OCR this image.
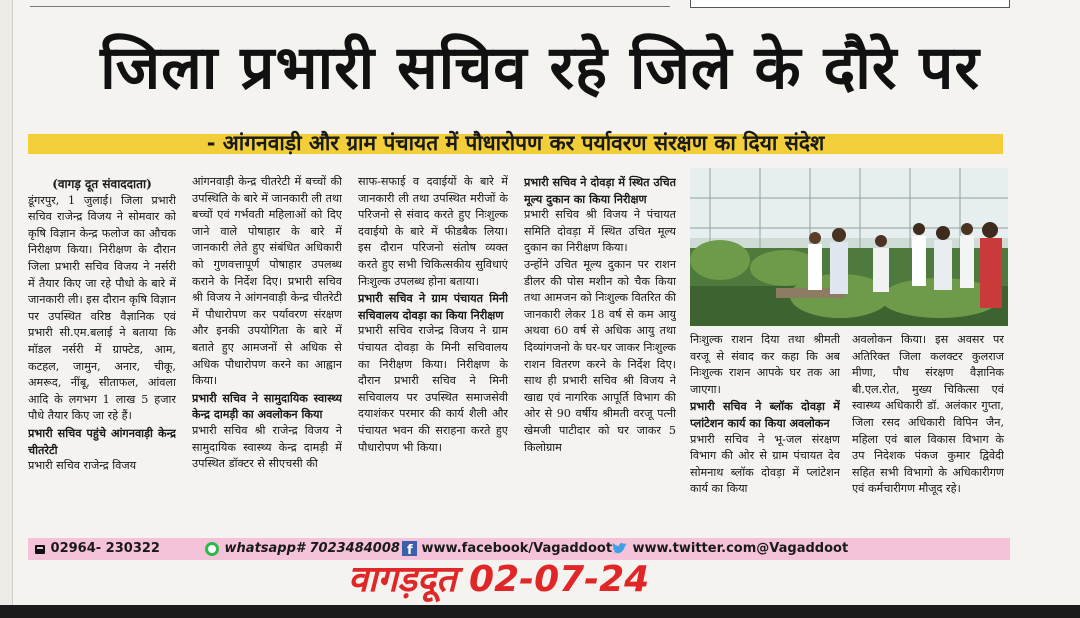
जिला प्रभारी सचिव रहे जिले के दौरे पर
- आंगनवाड़ी और ग्राम पंचायत में पौधारोपण कर पर्यावरण संरक्षण का दिया संदेश

(वागड़ दूत संवाददाता)

डूंगरपुर, 1 जुलाई। जिला प्रभारी सचिव राजेन्द्र विजय ने सोमवार को कृषि विज्ञान केन्द्र फलोज का औचक निरीक्षण किया। निरीक्षण के दौरान जिला प्रभारी सचिव विजय ने नर्सरी में तैयार किए जा रहे पौधो के बारे में जानकारी ली। इस दौरान कृषि विज्ञान पर उपस्थित वरिष्ठ वैज्ञानिक एवं प्रभारी सी.एम.बलाई ने बताया कि मॉडल नर्सरी में ग्राफ्टेड, आम, कटहल, जामुन, अनार, चीकू, अमरूद, नींबू, सीताफल, आंवला आदि के लगभग 1 लाख 5 हजार पौधे तैयार किए जा रहे हैं।

प्रभारी सचिव पहुंचे आंगनवाड़ी केन्द्र चीतरेटी

प्रभारी सचिव राजेन्द्र विजय

आंगनवाड़ी केन्द्र चीतरेटी में बच्चों की उपस्थिति के बारे में जानकारी ली तथा बच्चों एवं गर्भवती महिलाओं को दिए जाने वाले पोषाहार के बारे में जानकारी लेते हुए संबंधित अधिकारी को गुणवत्तापूर्ण पोषाहार उपलब्ध कराने के निर्देश दिए। प्रभारी सचिव श्री विजय ने आंगनवाड़ी केन्द्र चीतरेटी में पौधारोपण कर पर्यावरण संरक्षण और इनकी उपयोगिता के बारे में बताते हुए आमजनों से अधिक से अधिक पौधारोपण करने का आह्वान किया।

प्रभारी सचिव ने सामुदायिक स्वास्थ्य केन्द्र दामड़ी का अवलोकन किया

प्रभारी सचिव श्री राजेन्द्र विजय ने सामुदायिक स्वास्थ्य केन्द्र दामड़ी में उपस्थित डॉक्टर से सीएचसी की

साफ-सफाई व दवाईयों के बारे में जानकारी ली तथा उपस्थित मरीजों के परिजनो से संवाद करते हुए निःशुल्क दवाईयो के बारे में फीडबैक लिया। इस दौरान परिजनो संतोष व्यक्त करते हुए सभी चिकित्सकीय सुविधाएं निःशुल्क उपलब्ध होना बताया।

प्रभारी सचिव ने ग्राम पंचायत मिनी सचिवालय दोवड़ा का किया निरीक्षण

प्रभारी सचिव राजेन्द्र विजय ने ग्राम पंचायत दोवड़ा के मिनी सचिवालय का निरीक्षण किया। निरीक्षण के दौरान प्रभारी सचिव ने मिनी सचिवालय पर उपस्थित समाजसेवी दयाशंकर परमार की कार्य शैली और पंचायत भवन की सराहना करते हुए पौधारोपण भी किया।

प्रभारी सचिव ने दोवड़ा में स्थित उचित मूल्य दुकान का किया निरीक्षण

प्रभारी सचिव श्री विजय ने पंचायत समिति दोवड़ा में स्थित उचित मूल्य दुकान का निरीक्षण किया।

उन्होंने उचित मूल्य दुकान पर राशन डीलर की पोस मशीन को चैक किया तथा आमजन को निःशुल्क वितरित की जानकारी लेकर 18 वर्ष से कम आयु अथवा 60 वर्ष से अधिक आयु तथा दिव्यांगजनो के घर-घर जाकर निःशुल्क राशन वितरण करने के निर्देश दिए। साथ ही प्रभारी सचिव श्री विजय ने खाद्य एवं नागरिक आपूर्ति विभाग की ओर से 90 वर्षीय श्रीमती वरजू पत्नी खेमजी पाटीदार को घर जाकर 5 किलोग्राम

निःशुल्क राशन दिया तथा श्रीमती वरजू से संवाद कर कहा कि अब निःशुल्क राशन आपके घर तक आ जाएगा।

प्रभारी सचिव ने ब्लॉक दोवड़ा में प्लांटेशन कार्य का किया अवलोकन

प्रभारी सचिव ने भू-जल संरक्षण विभाग की ओर से ग्राम पंचायत देव सोमनाथ ब्लॉक दोवड़ा में प्लांटेशन कार्य का किया

अवलोकन किया। इस अवसर पर अतिरिक्त जिला कलक्टर कुलराज मीणा, पौध संरक्षण वैज्ञानिक बी.एल.रोत, मुख्य चिकित्सा एवं स्वास्थ्य अधिकारी डॉ. अलंकार गुप्ता, जिला रसद अधिकारी विपिन जैन, महिला एवं बाल विकास विभाग के उप निदेशक पंकज कुमार द्विवेदी सहित सभी विभागो के अधिकारीगण एवं कर्मचारीगण मौजूद रहे।

02964- 230322	whatsapp# 7023484008 f www.facebook/Vagaddoot	www.twitter.com@Vagaddoot
वागड़दूत 02-07-24
